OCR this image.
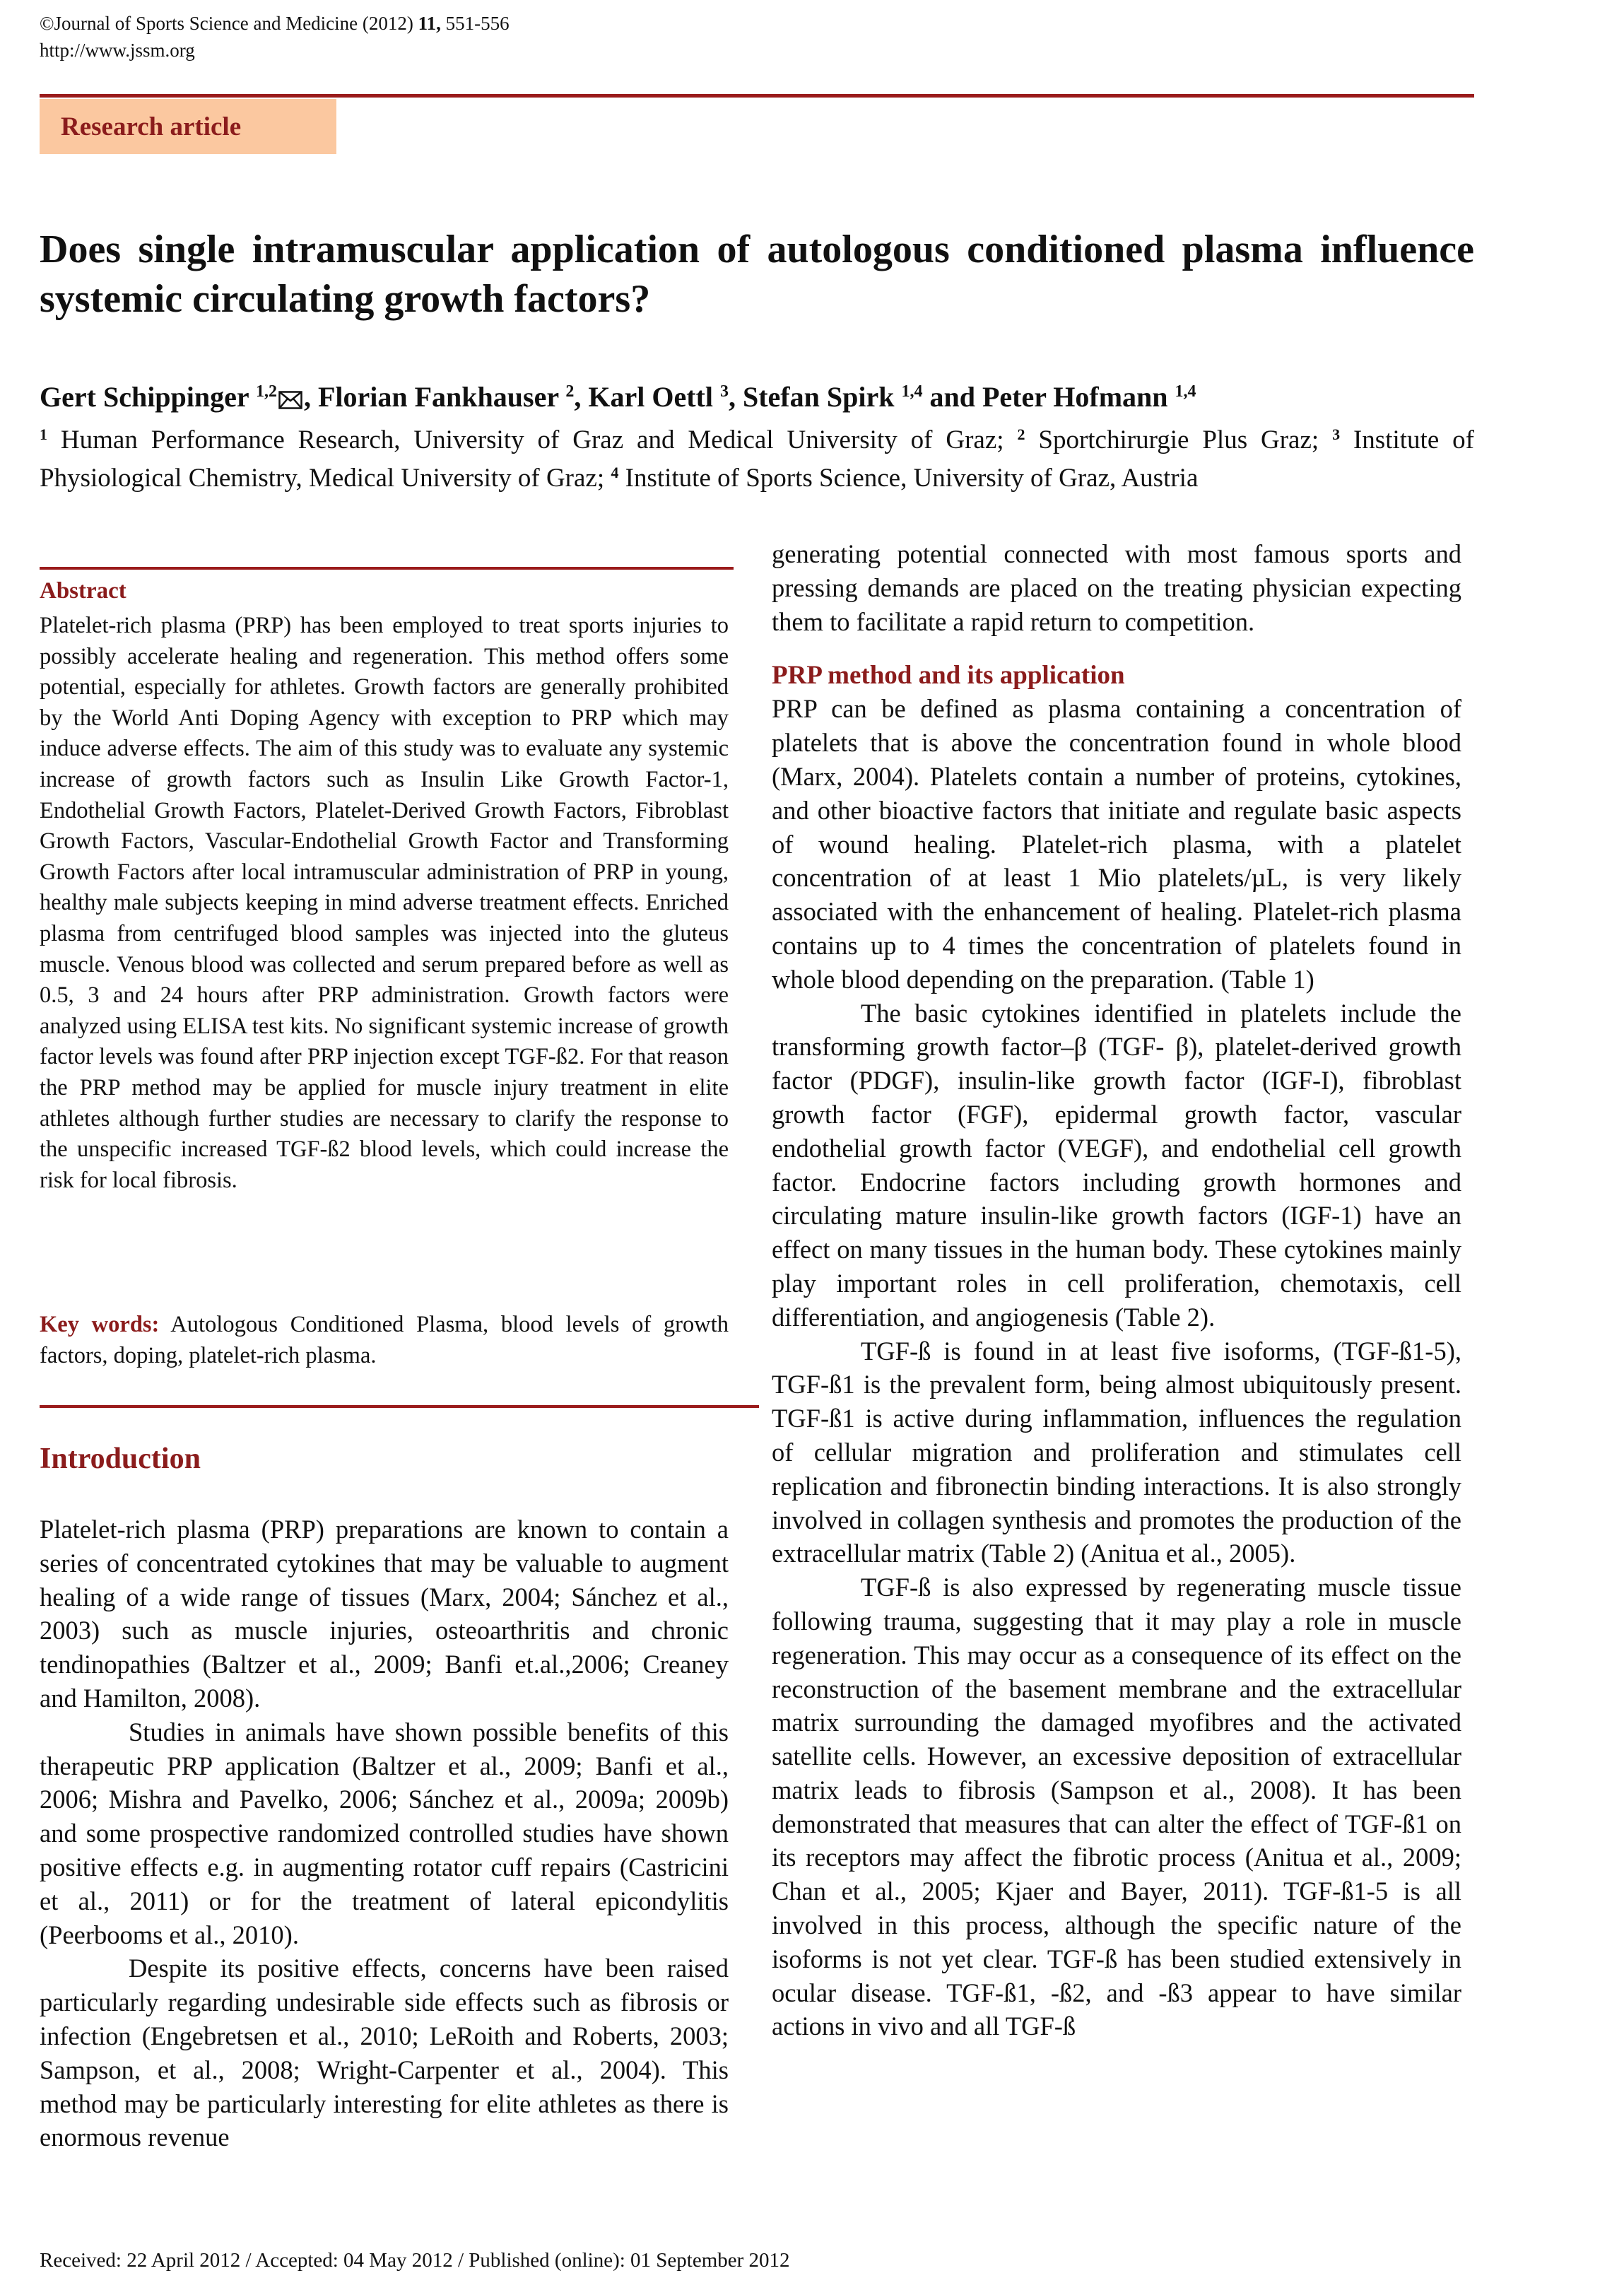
©Journal of Sports Science and Medicine (2012) 11, 551-556
http://www.jssm.org
Research article
Does single intramuscular application of autologous conditioned plasma influence systemic circulating growth factors?
Gert Schippinger $^{1,2}$ , Florian Fankhauser $^2$, Karl Oettl $^3$, Stefan Spirk $^{1,4}$ and Peter Hofmann $^{1,4}$

$^1$ Human Performance Research, University of Graz and Medical University of Graz; $^2$ Sportchirurgie Plus Graz; $^3$ Institute of Physiological Chemistry, Medical University of Graz; $^4$ Institute of Sports Science, University of Graz, Austria

Abstract

Platelet-rich plasma (PRP) has been employed to treat sports injuries to possibly accelerate healing and regeneration. This method offers some potential, especially for athletes. Growth factors are generally prohibited by the World Anti Doping Agency with exception to PRP which may induce adverse effects. The aim of this study was to evaluate any systemic increase of growth factors such as Insulin Like Growth Factor-1, Endothelial Growth Factors, Platelet-Derived Growth Factors, Fibroblast Growth Factors, Vascular-Endothelial Growth Factor and Transforming Growth Factors after local intramuscular administration of PRP in young, healthy male subjects keeping in mind adverse treatment effects. Enriched plasma from centrifuged blood samples was injected into the gluteus muscle. Venous blood was collected and serum prepared before as well as 0.5, 3 and 24 hours after PRP administration. Growth factors were analyzed using ELISA test kits. No significant systemic increase of growth factor levels was found after PRP injection except TGF-ß2. For that reason the PRP method may be applied for muscle injury treatment in elite athletes although further studies are necessary to clarify the response to the unspecific increased TGF-ß2 blood levels, which could increase the risk for local fibrosis.

Key words: Autologous Conditioned Plasma, blood levels of growth factors, doping, platelet-rich plasma.

Introduction

Platelet-rich plasma (PRP) preparations are known to contain a series of concentrated cytokines that may be valuable to augment healing of a wide range of tissues (Marx, 2004; Sánchez et al., 2003) such as muscle injuries, osteoarthritis and chronic tendinopathies (Baltzer et al., 2009; Banfi et.al.,2006; Creaney and Hamilton, 2008).

Studies in animals have shown possible benefits of this therapeutic PRP application (Baltzer et al., 2009; Banfi et al., 2006; Mishra and Pavelko, 2006; Sánchez et al., 2009a; 2009b) and some prospective randomized controlled studies have shown positive effects e.g. in augmenting rotator cuff repairs (Castricini et al., 2011) or for the treatment of lateral epicondylitis (Peerbooms et al., 2010).

Despite its positive effects, concerns have been raised particularly regarding undesirable side effects such as fibrosis or infection (Engebretsen et al., 2010; LeRoith and Roberts, 2003; Sampson, et al., 2008; Wright-Carpenter et al., 2004). This method may be particularly interesting for elite athletes as there is enormous revenue

generating potential connected with most famous sports and pressing demands are placed on the treating physician expecting them to facilitate a rapid return to competition.

PRP method and its application

PRP can be defined as plasma containing a concentration of platelets that is above the concentration found in whole blood (Marx, 2004). Platelets contain a number of proteins, cytokines, and other bioactive factors that initiate and regulate basic aspects of wound healing. Platelet-rich plasma, with a platelet concentration of at least 1 Mio platelets/µL, is very likely associated with the enhancement of healing. Platelet-rich plasma contains up to 4 times the concentration of platelets found in whole blood depending on the preparation. (Table 1)

The basic cytokines identified in platelets include the transforming growth factor–β (TGF- β), platelet-derived growth factor (PDGF), insulin-like growth factor (IGF-I), fibroblast growth factor (FGF), epidermal growth factor, vascular endothelial growth factor (VEGF), and endothelial cell growth factor. Endocrine factors including growth hormones and circulating mature insulin-like growth factors (IGF-1) have an effect on many tissues in the human body. These cytokines mainly play important roles in cell proliferation, chemotaxis, cell differentiation, and angiogenesis (Table 2).

TGF-ß is found in at least five isoforms, (TGF-ß1-5), TGF-ß1 is the prevalent form, being almost ubiquitously present. TGF-ß1 is active during inflammation, influences the regulation of cellular migration and proliferation and stimulates cell replication and fibronectin binding interactions. It is also strongly involved in collagen synthesis and promotes the production of the extracellular matrix (Table 2) (Anitua et al., 2005).

TGF-ß is also expressed by regenerating muscle tissue following trauma, suggesting that it may play a role in muscle regeneration. This may occur as a consequence of its effect on the reconstruction of the basement membrane and the extracellular matrix surrounding the damaged myofibres and the activated satellite cells. However, an excessive deposition of extracellular matrix leads to fibrosis (Sampson et al., 2008). It has been demonstrated that measures that can alter the effect of TGF-ß1 on its receptors may affect the fibrotic process (Anitua et al., 2009; Chan et al., 2005; Kjaer and Bayer, 2011). TGF-ß1-5 is all involved in this process, although the specific nature of the isoforms is not yet clear. TGF-ß has been studied extensively in ocular disease. TGF-ß1, -ß2, and -ß3 appear to have similar actions in vivo and all TGF-ß

Received: 22 April 2012 / Accepted: 04 May 2012 / Published (online): 01 September 2012
